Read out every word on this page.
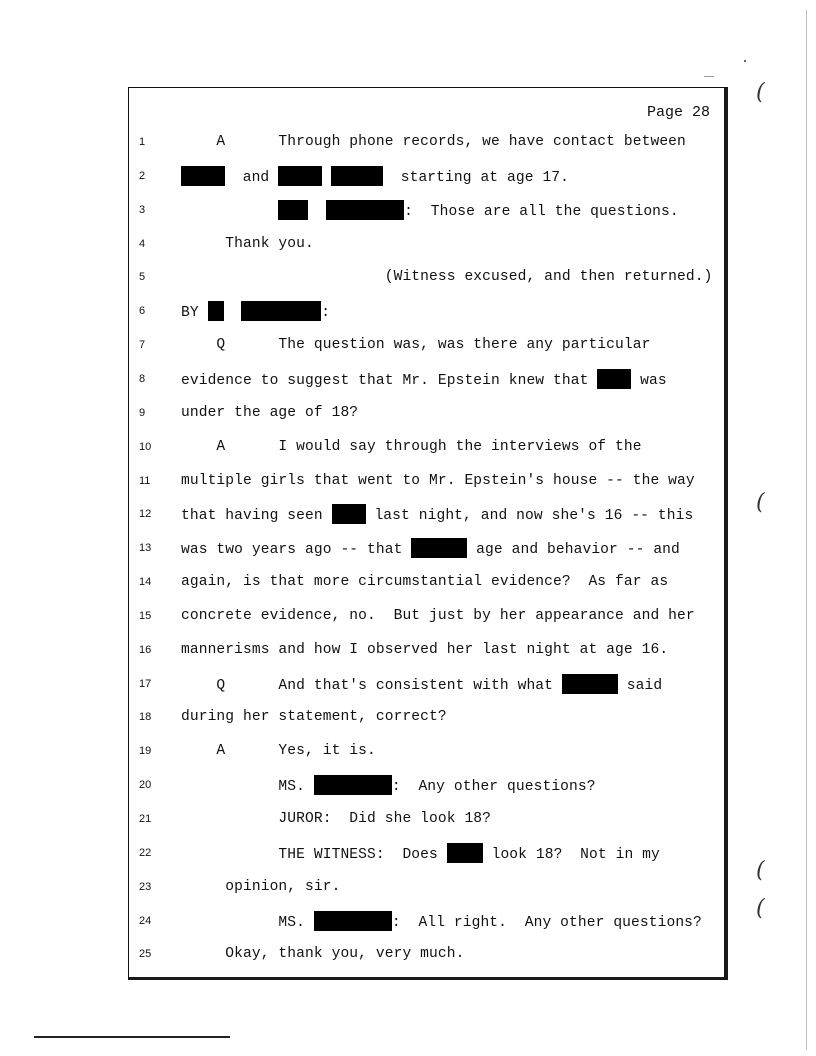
(
(
(
(
Page 28
1	A      Through phone records, we have contact between
2	and	starting at age 17.
3	:  Those are all the questions.
4	Thank you.
5	(Witness excused, and then returned.)
6	BY	:
7	Q      The question was, was there any particular
8	evidence to suggest that Mr. Epstein knew that  was
9	under the age of 18?
10	A      I would say through the interviews of the
11	multiple girls that went to Mr. Epstein's house -- the way
12	that having seen  last night, and now she's 16 -- this
13	was two years ago -- that	age and behavior -- and
14	again, is that more circumstantial evidence?  As far as
15	concrete evidence, no.  But just by her appearance and her
16	mannerisms and how I observed her last night at age 16.
17	Q      And that's consistent with what	said
18	during her statement, correct?
19	A      Yes, it is.
20	MS.	:  Any other questions?
21	JUROR:  Did she look 18?
22	THE WITNESS:  Does  look 18?  Not in my
23	opinion, sir.
24	MS.	:  All right.  Any other questions?
25	Okay, thank you, very much.
